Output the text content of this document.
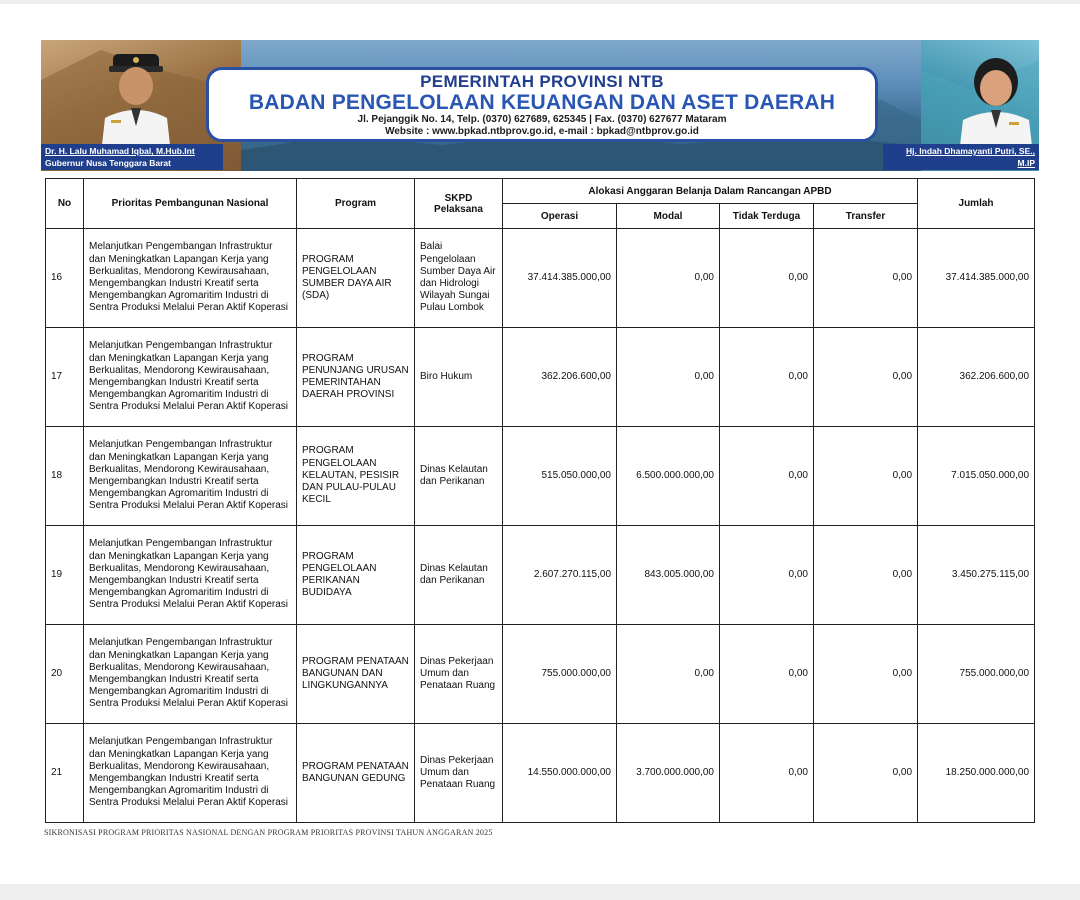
Dr. H. Lalu Muhamad Iqbal, M.Hub.Int
Gubernur Nusa Tenggara Barat
Hj. Indah Dhamayanti Putri, SE., M.IP
Wakil Gubernur Nusa Tenggara Barat
PEMERINTAH PROVINSI NTB
BADAN PENGELOLAAN KEUANGAN DAN ASET DAERAH
Jl. Pejanggik No. 14, Telp. (0370) 627689, 625345 | Fax. (0370) 627677 Mataram
Website : www.bpkad.ntbprov.go.id, e-mail : bpkad@ntbprov.go.id
No	Prioritas Pembangunan Nasional	Program	SKPD Pelaksana	Alokasi Anggaran Belanja Dalam Rancangan APBD				Jumlah
				Operasi	Modal	Tidak Terduga	Transfer	
16	Melanjutkan Pengembangan Infrastruktur dan Meningkatkan Lapangan Kerja yang Berkualitas, Mendorong Kewirausahaan, Mengembangkan Industri Kreatif serta Mengembangkan Agromaritim Industri di Sentra Produksi Melalui Peran Aktif Koperasi	PROGRAM PENGELOLAAN SUMBER DAYA AIR (SDA)	Balai Pengelolaan Sumber Daya Air dan Hidrologi Wilayah Sungai Pulau Lombok	37.414.385.000,00	0,00	0,00	0,00	37.414.385.000,00
17	Melanjutkan Pengembangan Infrastruktur dan Meningkatkan Lapangan Kerja yang Berkualitas, Mendorong Kewirausahaan, Mengembangkan Industri Kreatif serta Mengembangkan Agromaritim Industri di Sentra Produksi Melalui Peran Aktif Koperasi	PROGRAM PENUNJANG URUSAN PEMERINTAHAN DAERAH PROVINSI	Biro Hukum	362.206.600,00	0,00	0,00	0,00	362.206.600,00
18	Melanjutkan Pengembangan Infrastruktur dan Meningkatkan Lapangan Kerja yang Berkualitas, Mendorong Kewirausahaan, Mengembangkan Industri Kreatif serta Mengembangkan Agromaritim Industri di Sentra Produksi Melalui Peran Aktif Koperasi	PROGRAM PENGELOLAAN KELAUTAN, PESISIR DAN PULAU-PULAU KECIL	Dinas Kelautan dan Perikanan	515.050.000,00	6.500.000.000,00	0,00	0,00	7.015.050.000,00
19	Melanjutkan Pengembangan Infrastruktur dan Meningkatkan Lapangan Kerja yang Berkualitas, Mendorong Kewirausahaan, Mengembangkan Industri Kreatif serta Mengembangkan Agromaritim Industri di Sentra Produksi Melalui Peran Aktif Koperasi	PROGRAM PENGELOLAAN PERIKANAN BUDIDAYA	Dinas Kelautan dan Perikanan	2.607.270.115,00	843.005.000,00	0,00	0,00	3.450.275.115,00
20	Melanjutkan Pengembangan Infrastruktur dan Meningkatkan Lapangan Kerja yang Berkualitas, Mendorong Kewirausahaan, Mengembangkan Industri Kreatif serta Mengembangkan Agromaritim Industri di Sentra Produksi Melalui Peran Aktif Koperasi	PROGRAM PENATAAN BANGUNAN DAN LINGKUNGANNYA	Dinas Pekerjaan Umum dan Penataan Ruang	755.000.000,00	0,00	0,00	0,00	755.000.000,00
21	Melanjutkan Pengembangan Infrastruktur dan Meningkatkan Lapangan Kerja yang Berkualitas, Mendorong Kewirausahaan, Mengembangkan Industri Kreatif serta Mengembangkan Agromaritim Industri di Sentra Produksi Melalui Peran Aktif Koperasi	PROGRAM PENATAAN BANGUNAN GEDUNG	Dinas Pekerjaan Umum dan Penataan Ruang	14.550.000.000,00	3.700.000.000,00	0,00	0,00	18.250.000.000,00
SIKRONISASI PROGRAM PRIORITAS NASIONAL DENGAN PROGRAM PRIORITAS PROVINSI TAHUN ANGGARAN 2025
